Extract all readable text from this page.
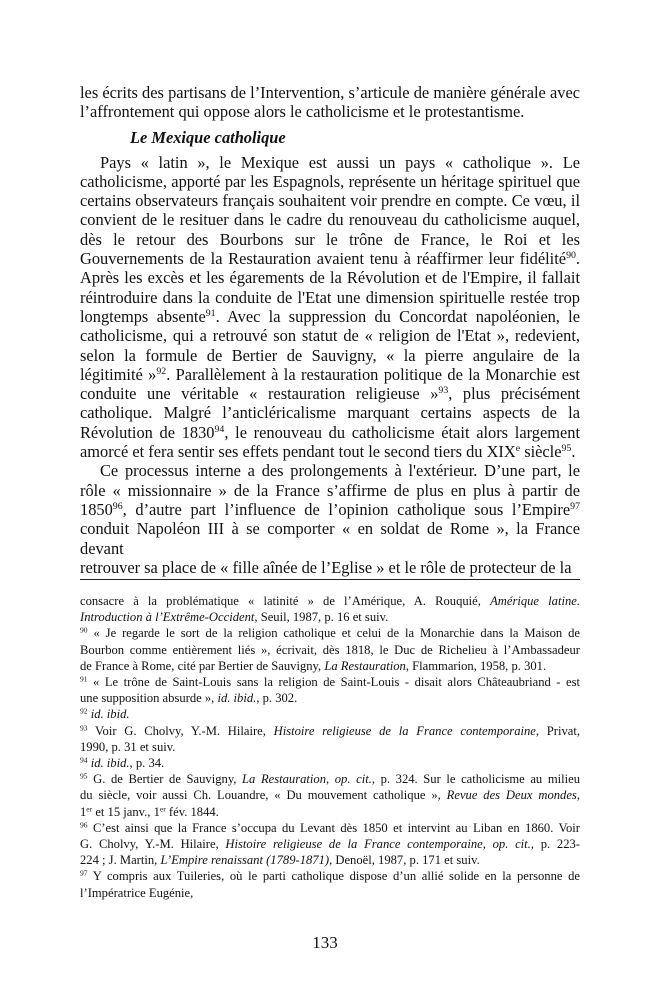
les écrits des partisans de l’Intervention, s’articule de manière générale avec
l’affrontement qui oppose alors le catholicisme et le protestantisme.
Le Mexique catholique
Pays « latin », le Mexique est aussi un pays « catholique ». Le
catholicisme, apporté par les Espagnols, représente un héritage spirituel que
certains observateurs français souhaitent voir prendre en compte. Ce vœu, il
convient de le resituer dans le cadre du renouveau du catholicisme auquel,
dès le retour des Bourbons sur le trône de France, le Roi et les
Gouvernements de la Restauration avaient tenu à réaffirmer leur fidélité$^{90}$.
Après les excès et les égarements de la Révolution et de l'Empire, il fallait
réintroduire dans la conduite de l'Etat une dimension spirituelle restée trop
longtemps absente$^{91}$. Avec la suppression du Concordat napoléonien, le
catholicisme, qui a retrouvé son statut de « religion de l'Etat », redevient,
selon la formule de Bertier de Sauvigny, « la pierre angulaire de la
légitimité »$^{92}$. Parallèlement à la restauration politique de la Monarchie est
conduite une véritable « restauration religieuse »$^{93}$, plus précisément
catholique. Malgré l’anticléricalisme marquant certains aspects de la
Révolution de 1830$^{94}$, le renouveau du catholicisme était alors largement
amorcé et fera sentir ses effets pendant tout le second tiers du XIXe siècle$^{95}$.
Ce processus interne a des prolongements à l'extérieur. D’une part, le
rôle « missionnaire » de la France s’affirme de plus en plus à partir de
1850$^{96}$, d’autre part l’influence de l’opinion catholique sous l’Empire$^{97}$
conduit Napoléon III à se comporter « en soldat de Rome », la France devant
retrouver sa place de « fille aînée de l’Eglise » et le rôle de protecteur de la
consacre à la problématique « latinité » de l’Amérique, A. Rouquié, Amérique latine.
Introduction à l’Extrême-Occident, Seuil, 1987, p. 16 et suiv.
$^{90}$ « Je regarde le sort de la religion catholique et celui de la Monarchie dans la Maison de
Bourbon comme entièrement liés », écrivait, dès 1818, le Duc de Richelieu à l’Ambassadeur
de France à Rome, cité par Bertier de Sauvigny, La Restauration, Flammarion, 1958, p. 301.
$^{91}$ « Le trône de Saint-Louis sans la religion de Saint-Louis - disait alors Châteaubriand - est
une supposition absurde », id. ibid., p. 302.
$^{92}$ id. ibid.
$^{93}$ Voir G. Cholvy, Y.-M. Hilaire, Histoire religieuse de la France contemporaine, Privat,
1990, p. 31 et suiv.
$^{94}$ id. ibid., p. 34.
$^{95}$ G. de Bertier de Sauvigny, La Restauration, op. cit., p. 324. Sur le catholicisme au milieu
du siècle, voir aussi Ch. Louandre, « Du mouvement catholique », Revue des Deux mondes,
1er et 15 janv., 1er fév. 1844.
$^{96}$ C’est ainsi que la France s’occupa du Levant dès 1850 et intervint au Liban en 1860. Voir
G. Cholvy, Y.-M. Hilaire, Histoire religieuse de la France contemporaine, op. cit., p. 223-
224 ; J. Martin, L’Empire renaissant (1789-1871), Denoël, 1987, p. 171 et suiv.
$^{97}$ Y compris aux Tuileries, où le parti catholique dispose d’un allié solide en la personne de
l’Impératrice Eugénie,
133
